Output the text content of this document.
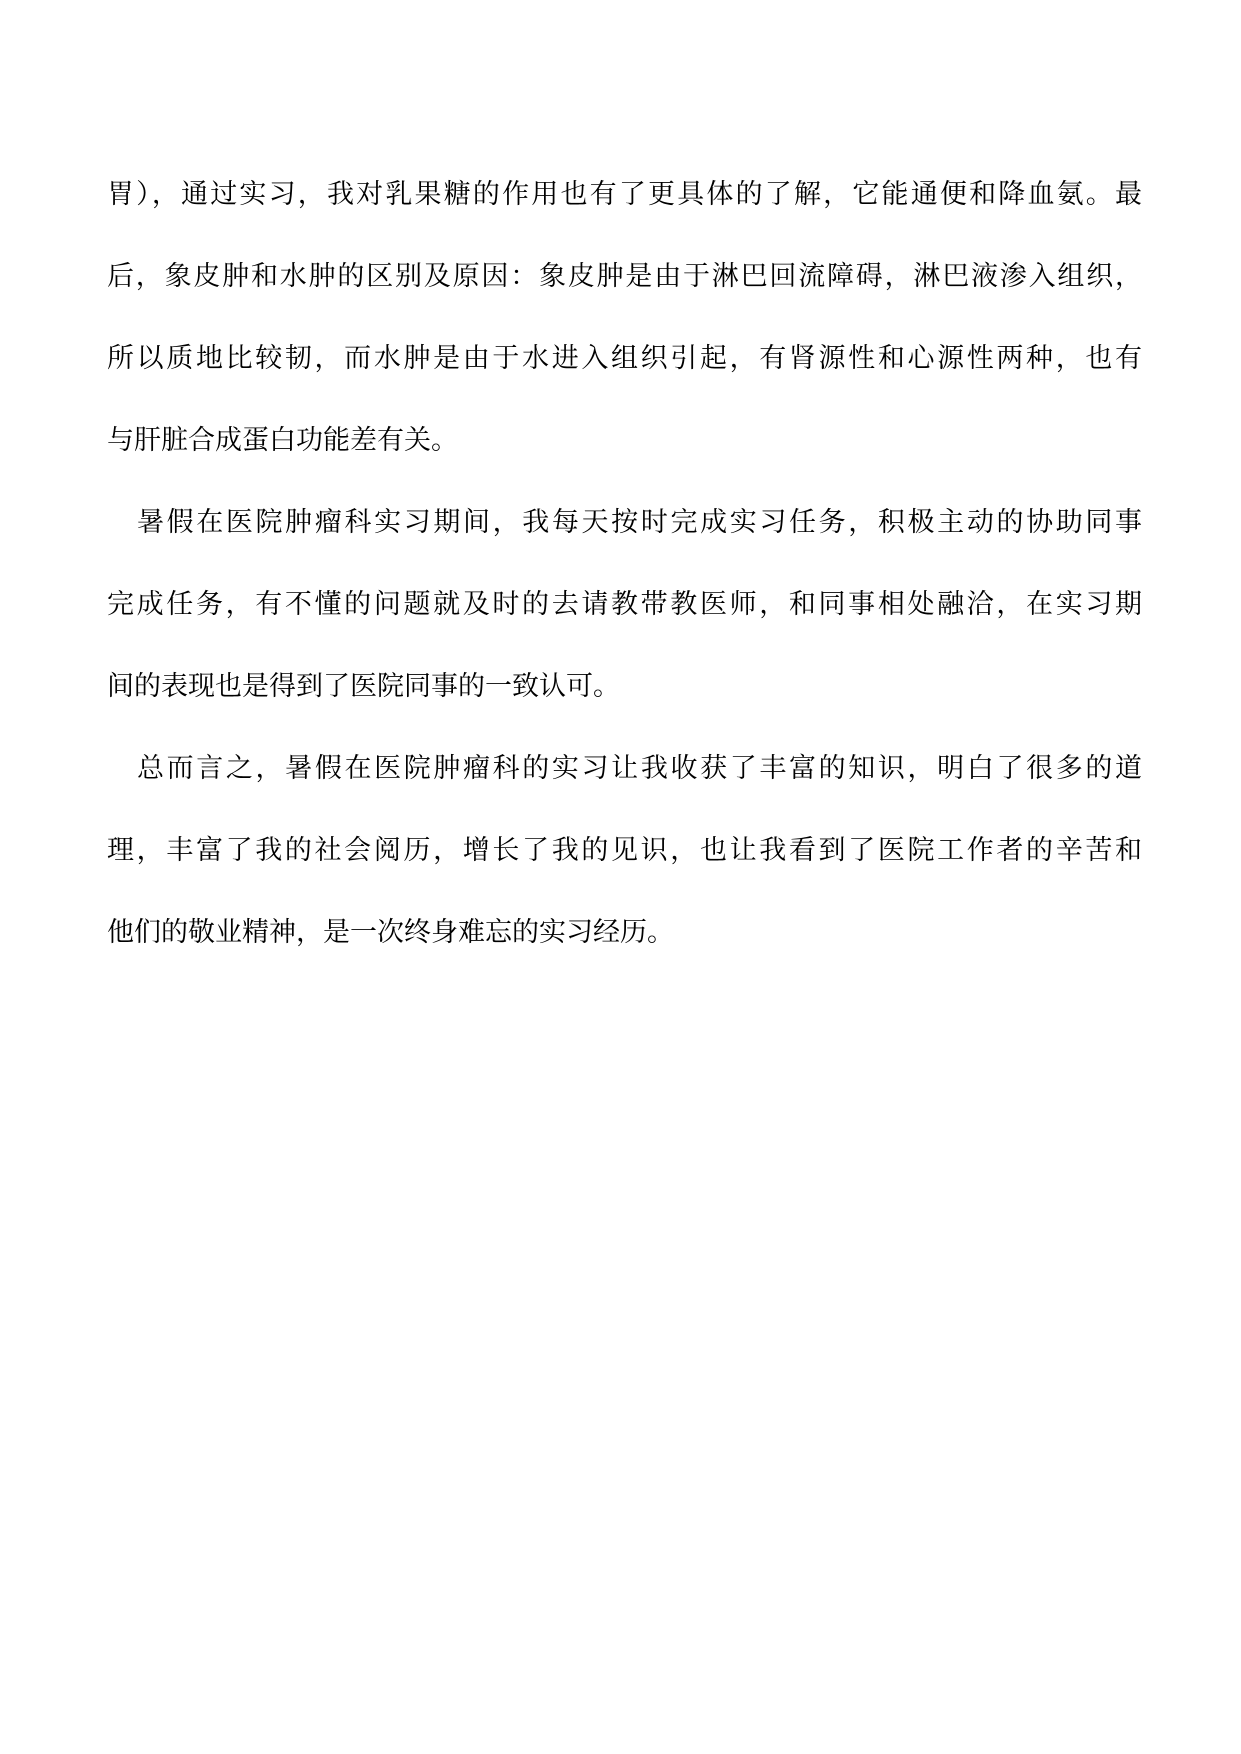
胃），通过实习，我对乳果糖的作用也有了更具体的了解，它能通便和降血氨。最
后，象皮肿和水肿的区别及原因：象皮肿是由于淋巴回流障碍，淋巴液渗入组织，
所以质地比较韧，而水肿是由于水进入组织引起，有肾源性和心源性两种，也有
与肝脏合成蛋白功能差有关。
暑假在医院肿瘤科实习期间，我每天按时完成实习任务，积极主动的协助同事
完成任务，有不懂的问题就及时的去请教带教医师，和同事相处融洽，在实习期
间的表现也是得到了医院同事的一致认可。
总而言之，暑假在医院肿瘤科的实习让我收获了丰富的知识，明白了很多的道
理，丰富了我的社会阅历，增长了我的见识，也让我看到了医院工作者的辛苦和
他们的敬业精神，是一次终身难忘的实习经历。
